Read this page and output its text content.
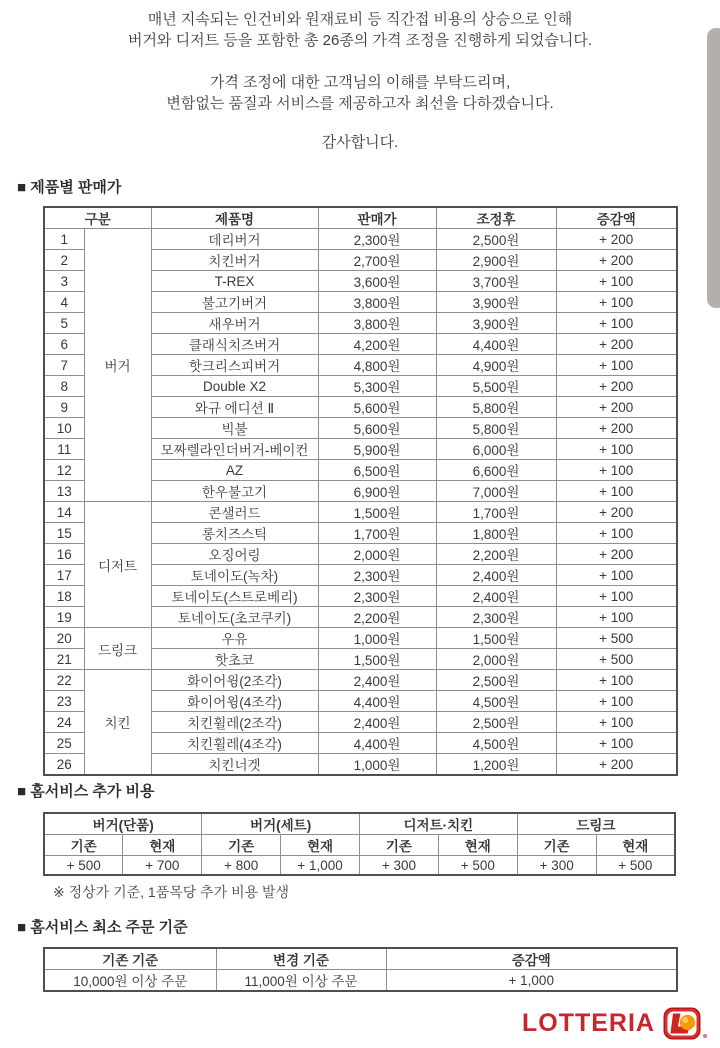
매년 지속되는 인건비와 원재료비 등 직간접 비용의 상승으로 인해
버거와 디저트 등을 포함한 총 26종의 가격 조정을 진행하게 되었습니다.
가격 조정에 대한 고객님의 이해를 부탁드리며,
변함없는 품질과 서비스를 제공하고자 최선을 다하겠습니다.
감사합니다.
■ 제품별 판매가
구분		제품명	판매가	조정후	증감액
1	버거	데리버거	2,300원	2,500원	+ 200
2		치킨버거	2,700원	2,900원	+ 200
3		T-REX	3,600원	3,700원	+ 100
4		불고기버거	3,800원	3,900원	+ 100
5		새우버거	3,800원	3,900원	+ 100
6		클래식치즈버거	4,200원	4,400원	+ 200
7		핫크리스피버거	4,800원	4,900원	+ 100
8		Double X2	5,300원	5,500원	+ 200
9		와규 에디션 Ⅱ	5,600원	5,800원	+ 200
10		빅불	5,600원	5,800원	+ 200
11		모짜렐라인더버거-베이컨	5,900원	6,000원	+ 100
12		AZ	6,500원	6,600원	+ 100
13		한우불고기	6,900원	7,000원	+ 100
14	디저트	콘샐러드	1,500원	1,700원	+ 200
15		롱치즈스틱	1,700원	1,800원	+ 100
16		오징어링	2,000원	2,200원	+ 200
17		토네이도(녹차)	2,300원	2,400원	+ 100
18		토네이도(스트로베리)	2,300원	2,400원	+ 100
19		토네이도(초코쿠키)	2,200원	2,300원	+ 100
20	드링크	우유	1,000원	1,500원	+ 500
21		핫초코	1,500원	2,000원	+ 500
22	치킨	화이어윙(2조각)	2,400원	2,500원	+ 100
23		화이어윙(4조각)	4,400원	4,500원	+ 100
24		치킨휠레(2조각)	2,400원	2,500원	+ 100
25		치킨휠레(4조각)	4,400원	4,500원	+ 100
26		치킨너겟	1,000원	1,200원	+ 200
■ 홈서비스 추가 비용
버거(단품)		버거(세트)		디저트·치킨		드링크	
기존	현재	기존	현재	기존	현재	기존	현재
+ 500	+ 700	+ 800	+ 1,000	+ 300	+ 500	+ 300	+ 500
※ 정상가 기준, 1품목당 추가 비용 발생
■ 홈서비스 최소 주문 기준
기존 기준	변경 기준	증감액
10,000원 이상 주문	11,000원 이상 주문	+ 1,000
LOTTERIA
